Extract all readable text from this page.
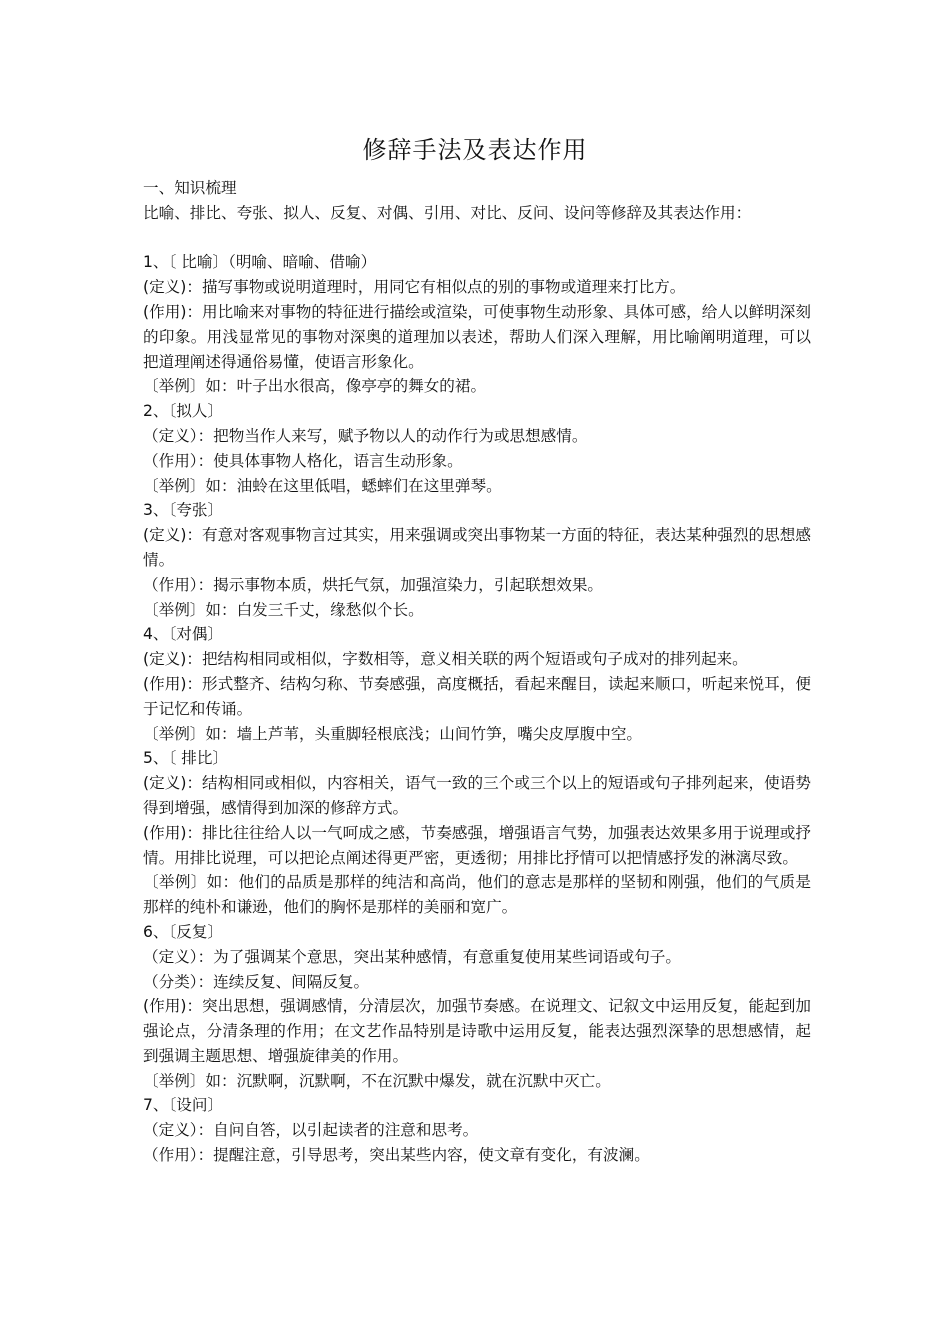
修辞手法及表达作用
一、知识梳理
比喻、排比、夸张、拟人、反复、对偶、引用、对比、反问、设问等修辞及其表达作用：
1、〔 比喻〕（明喻、暗喻、借喻）
(定义)：描写事物或说明道理时，用同它有相似点的别的事物或道理来打比方。
(作用)：用比喻来对事物的特征进行描绘或渲染，可使事物生动形象、具体可感，给人以鲜明深刻的印象。用浅显常见的事物对深奥的道理加以表述，帮助人们深入理解，用比喻阐明道理，可以把道理阐述得通俗易懂，使语言形象化。
〔举例〕如：叶子出水很高，像亭亭的舞女的裙。
2、〔拟人〕
（定义）：把物当作人来写，赋予物以人的动作行为或思想感情。
（作用）：使具体事物人格化，语言生动形象。
〔举例〕如：油蛉在这里低唱，蟋蟀们在这里弹琴。
3、〔夸张〕
(定义)：有意对客观事物言过其实，用来强调或突出事物某一方面的特征，表达某种强烈的思想感情。
（作用）：揭示事物本质，烘托气氛，加强渲染力，引起联想效果。
〔举例〕如：白发三千丈，缘愁似个长。
4、〔对偶〕
(定义)：把结构相同或相似，字数相等，意义相关联的两个短语或句子成对的排列起来。
(作用)：形式整齐、结构匀称、节奏感强，高度概括，看起来醒目，读起来顺口，听起来悦耳，便于记忆和传诵。
〔举例〕如：墙上芦苇，头重脚轻根底浅；山间竹笋，嘴尖皮厚腹中空。
5、〔 排比〕
(定义)：结构相同或相似，内容相关，语气一致的三个或三个以上的短语或句子排列起来，使语势得到增强，感情得到加深的修辞方式。
(作用)：排比往往给人以一气呵成之感，节奏感强，增强语言气势，加强表达效果多用于说理或抒情。用排比说理，可以把论点阐述得更严密，更透彻；用排比抒情可以把情感抒发的淋漓尽致。
〔举例〕如：他们的品质是那样的纯洁和高尚，他们的意志是那样的坚韧和刚强，他们的气质是那样的纯朴和谦逊，他们的胸怀是那样的美丽和宽广。
6、〔反复〕
（定义）：为了强调某个意思，突出某种感情，有意重复使用某些词语或句子。
（分类）：连续反复、间隔反复。
(作用)：突出思想，强调感情，分清层次，加强节奏感。在说理文、记叙文中运用反复，能起到加强论点，分清条理的作用；在文艺作品特别是诗歌中运用反复，能表达强烈深挚的思想感情，起到强调主题思想、增强旋律美的作用。
〔举例〕如：沉默啊，沉默啊，不在沉默中爆发，就在沉默中灭亡。
7、〔设问〕
（定义）：自问自答，以引起读者的注意和思考。
（作用）：提醒注意，引导思考，突出某些内容，使文章有变化，有波澜。
